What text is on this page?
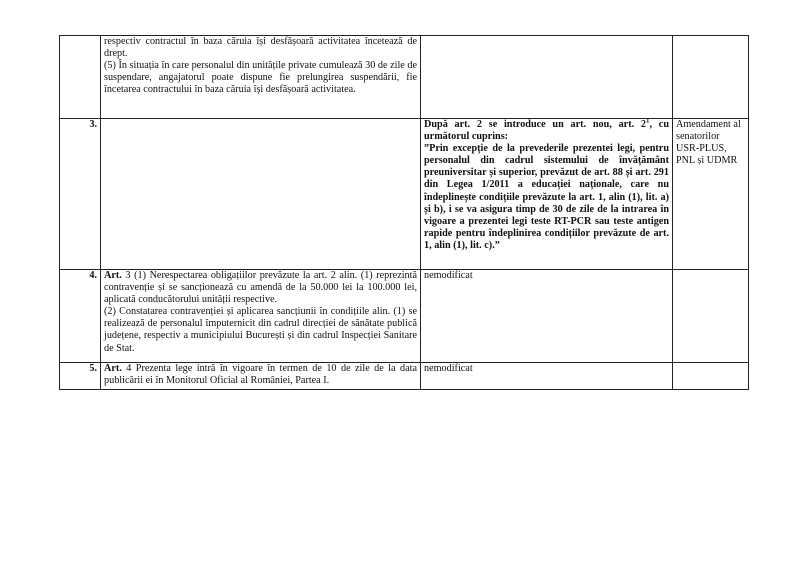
	respectiv contractul în baza căruia își desfășoară activitatea încetează de drept.

(5) În situația în care personalul din unitățile private cumulează 30 de zile de suspendare, angajatorul poate dispune fie prelungirea suspendării, fie încetarea contractului în baza căruia își desfășoară activitatea.		

3.		După art. 2 se introduce un art. nou, art. $2^1$, cu următorul cuprins:

”Prin excepție de la prevederile prezentei legi, pentru personalul din cadrul sistemului de învățământ preuniversitar și superior, prevăzut de art. 88 și art. 291 din Legea 1/2011 a educației naționale, care nu îndeplinește condițiile prevăzute la art. 1, alin (1), lit. a) și b), i se va asigura timp de 30 de zile de la intrarea în vigoare a prezentei legi teste RT-PCR sau teste antigen rapide pentru îndeplinirea condițiilor prevăzute de art. 1, alin (1), lit. c).”	Amendament al senatorilor USR-PLUS, PNL și UDMR
4.	Art. 3 (1) Nerespectarea obligațiilor prevăzute la art. 2 alin. (1) reprezintă contravenție și se sancționează cu amendă de la 50.000 lei la 100.000 lei, aplicată conducătorului unității respective.

(2) Constatarea contravenției și aplicarea sancțiunii în condițiile alin. (1) se realizează de personalul împuternicit din cadrul direcției de sănătate publică județene, respectiv a municipiului București și din cadrul Inspecției Sanitare de Stat.	nemodificat	
5.	Art. 4 Prezenta lege intră în vigoare în termen de 10 de zile de la data publicării ei în Monitorul Oficial al României, Partea I.	nemodificat	
